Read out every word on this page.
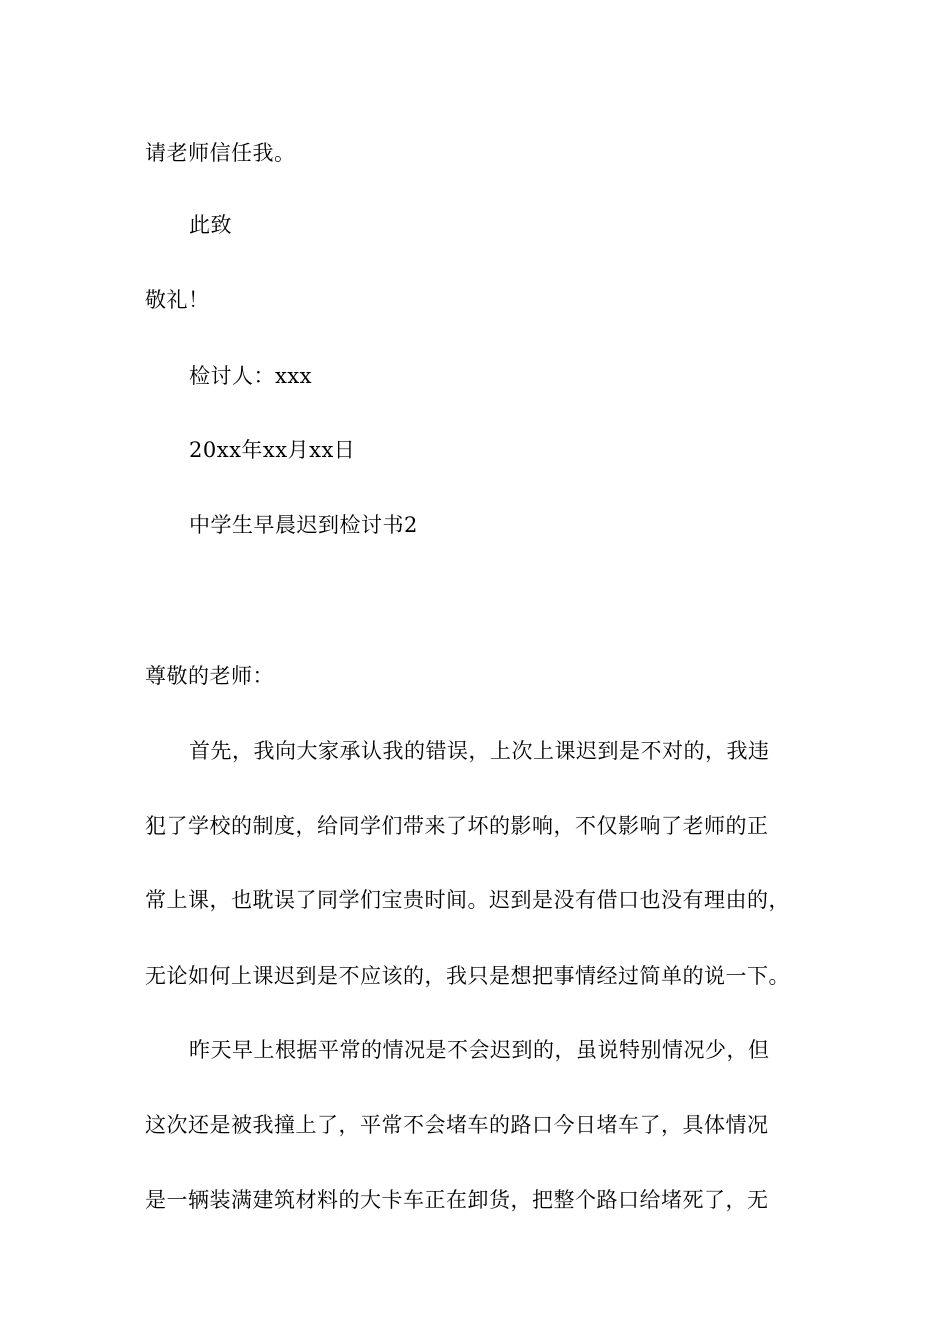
请老师信任我。
此致
敬礼！
检讨人：xxx
20xx年xx月xx日
中学生早晨迟到检讨书2
尊敬的老师：
首先，我向大家承认我的错误，上次上课迟到是不对的，我违
犯了学校的制度，给同学们带来了坏的影响，不仅影响了老师的正
常上课，也耽误了同学们宝贵时间。迟到是没有借口也没有理由的，
无论如何上课迟到是不应该的，我只是想把事情经过简单的说一下。
昨天早上根据平常的情况是不会迟到的，虽说特别情况少，但
这次还是被我撞上了，平常不会堵车的路口今日堵车了，具体情况
是一辆装满建筑材料的大卡车正在卸货，把整个路口给堵死了，无
